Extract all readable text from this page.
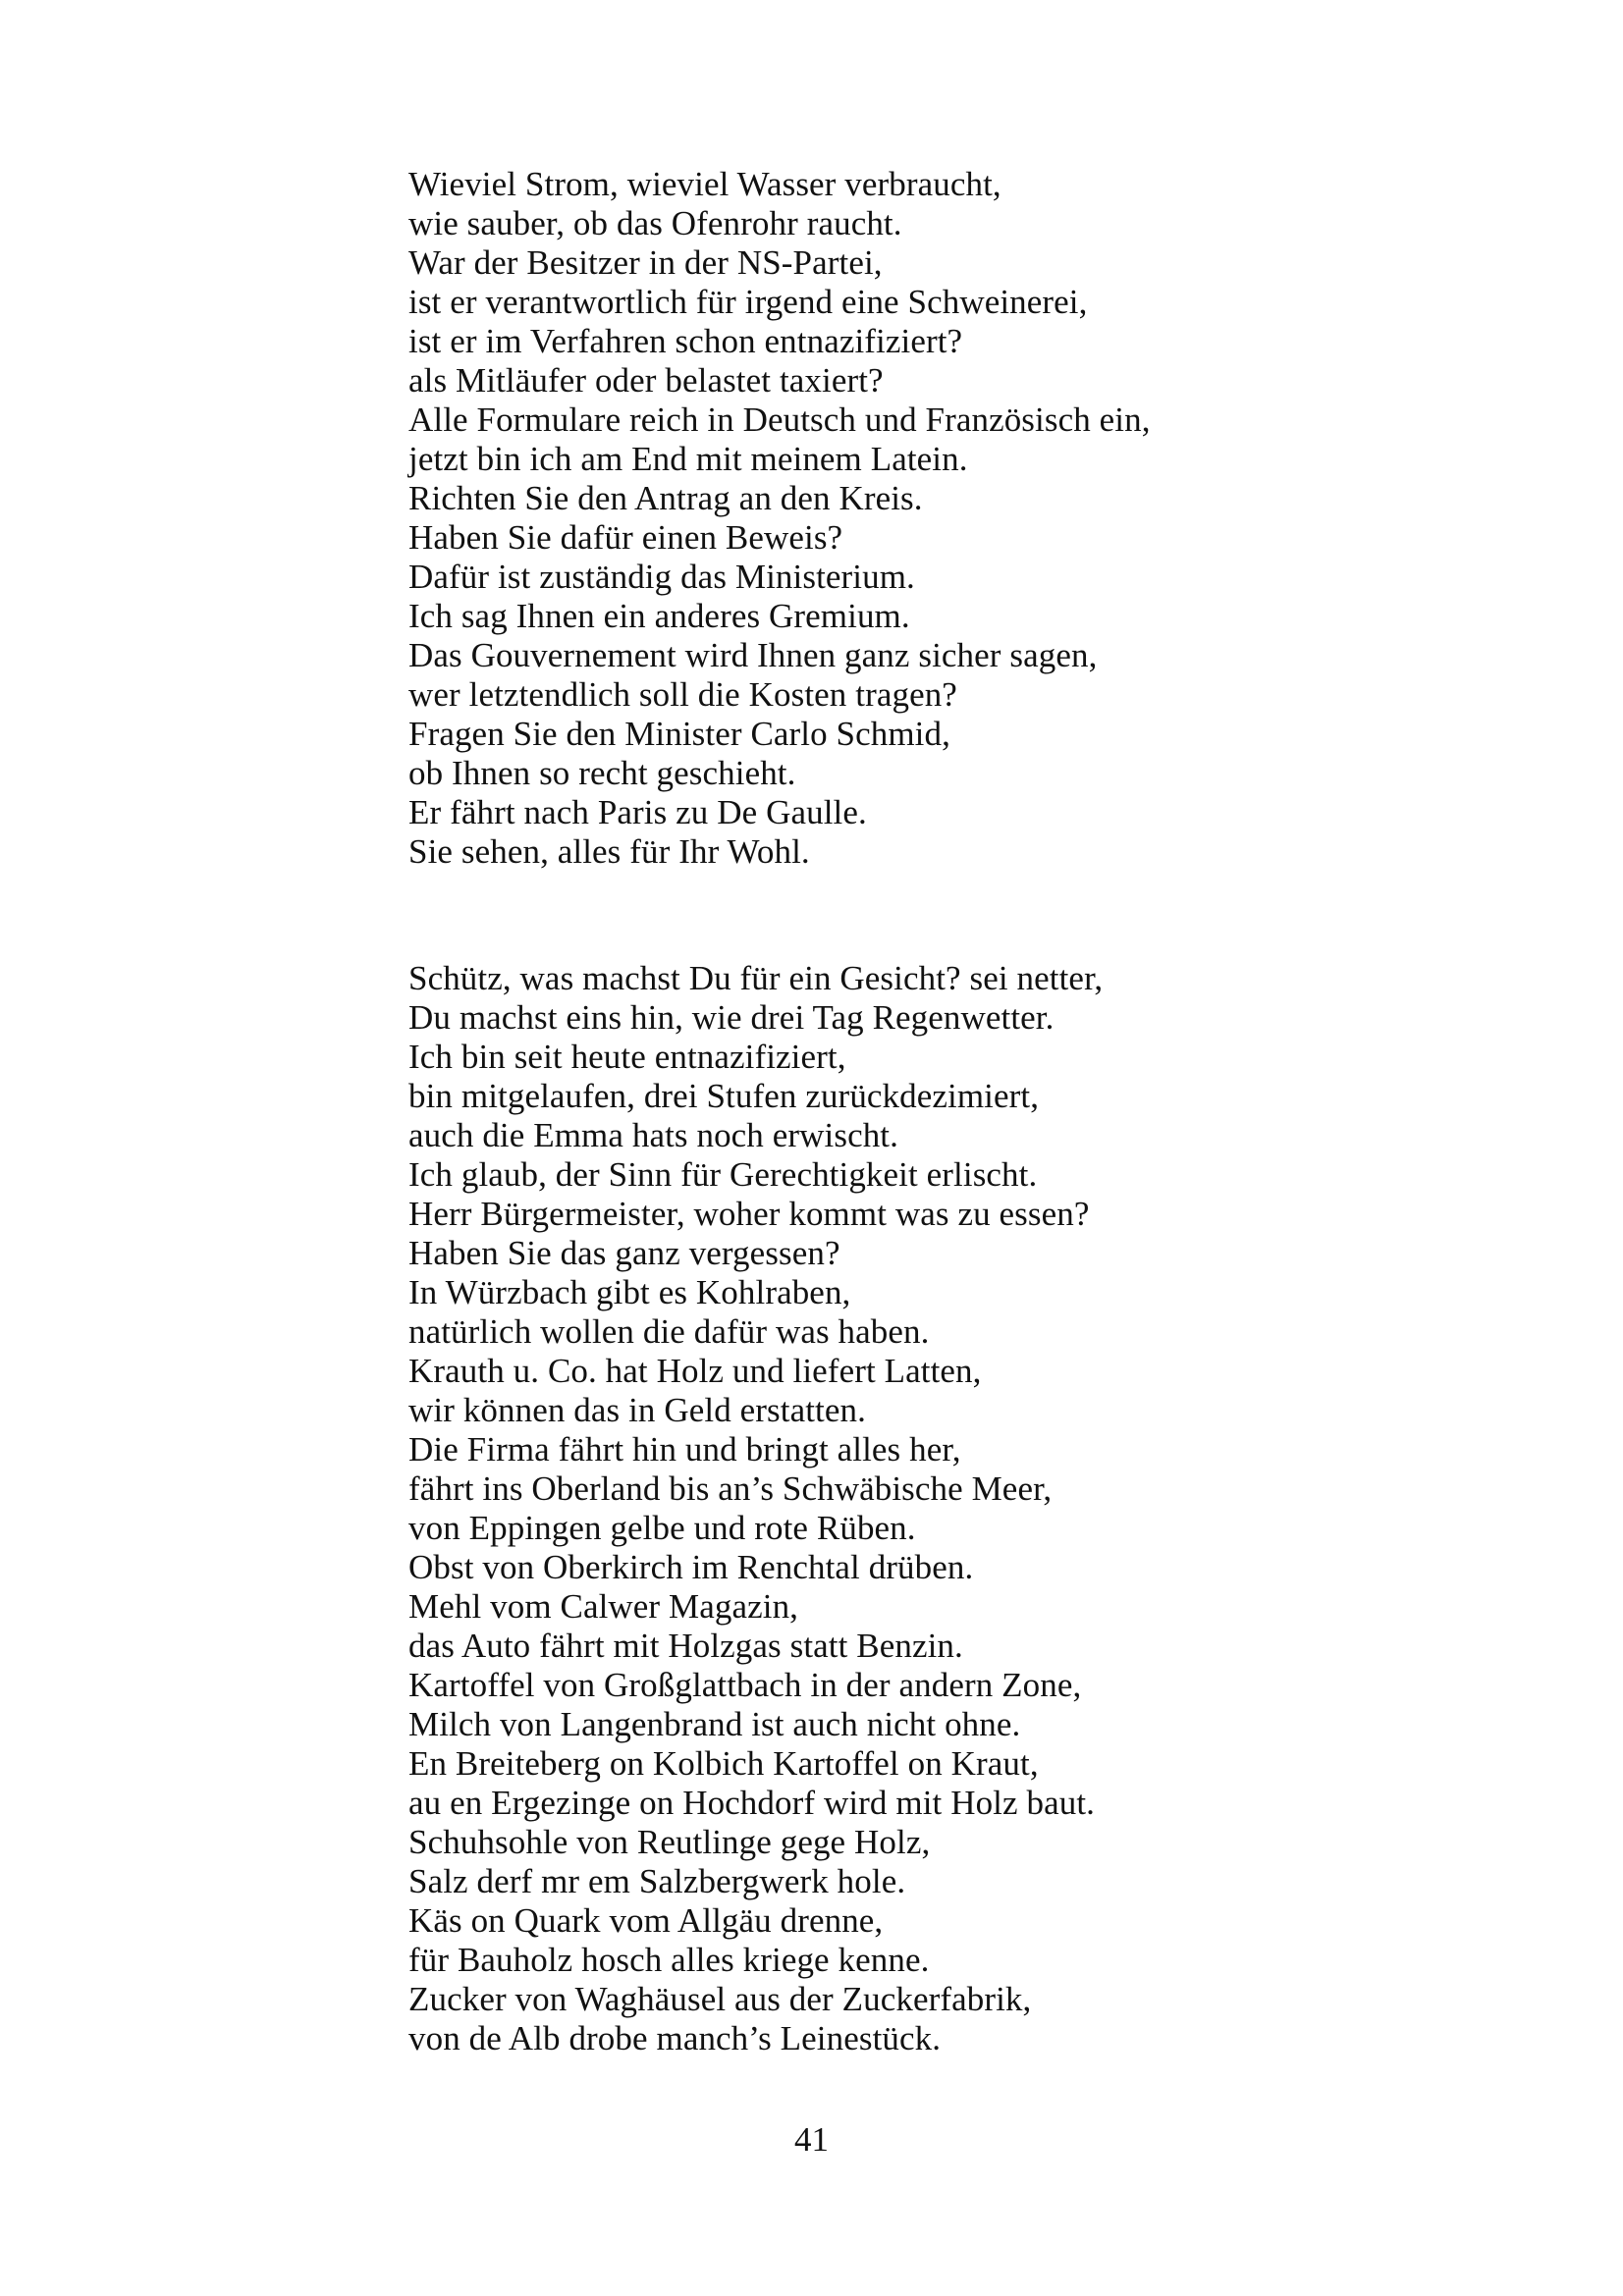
Wieviel Strom, wieviel Wasser verbraucht,
wie sauber, ob das Ofenrohr raucht.
War der Besitzer in der NS-Partei,
ist er verantwortlich für irgend eine Schweinerei,
ist er im Verfahren schon entnazifiziert?
als Mitläufer oder belastet taxiert?
Alle Formulare reich in Deutsch und Französisch ein,
jetzt bin ich am End mit meinem Latein.
Richten Sie den Antrag an den Kreis.
Haben Sie dafür einen Beweis?
Dafür ist zuständig das Ministerium.
Ich sag Ihnen ein anderes Gremium.
Das Gouvernement wird Ihnen ganz sicher sagen,
wer letztendlich soll die Kosten tragen?
Fragen Sie den Minister Carlo Schmid,
ob Ihnen so recht geschieht.
Er fährt nach Paris zu De Gaulle.
Sie sehen, alles für Ihr Wohl.
Schütz, was machst Du für ein Gesicht? sei netter,
Du machst eins hin, wie drei Tag Regenwetter.
Ich bin seit heute entnazifiziert,
bin mitgelaufen, drei Stufen zurückdezimiert,
auch die Emma hats noch erwischt.
Ich glaub, der Sinn für Gerechtigkeit erlischt.
Herr Bürgermeister, woher kommt was zu essen?
Haben Sie das ganz vergessen?
In Würzbach gibt es Kohlraben,
natürlich wollen die dafür was haben.
Krauth u. Co. hat Holz und liefert Latten,
wir können das in Geld erstatten.
Die Firma fährt hin und bringt alles her,
fährt ins Oberland bis an’s Schwäbische Meer,
von Eppingen gelbe und rote Rüben.
Obst von Oberkirch im Renchtal drüben.
Mehl vom Calwer Magazin,
das Auto fährt mit Holzgas statt Benzin.
Kartoffel von Großglattbach in der andern Zone,
Milch von Langenbrand ist auch nicht ohne.
En Breiteberg on Kolbich Kartoffel on Kraut,
au en Ergezinge on Hochdorf wird mit Holz baut.
Schuhsohle von Reutlinge gege Holz,
Salz derf mr em Salzbergwerk hole.
Käs on Quark vom Allgäu drenne,
für Bauholz hosch alles kriege kenne.
Zucker von Waghäusel aus der Zuckerfabrik,
von de Alb drobe manch’s Leinestück.
41
